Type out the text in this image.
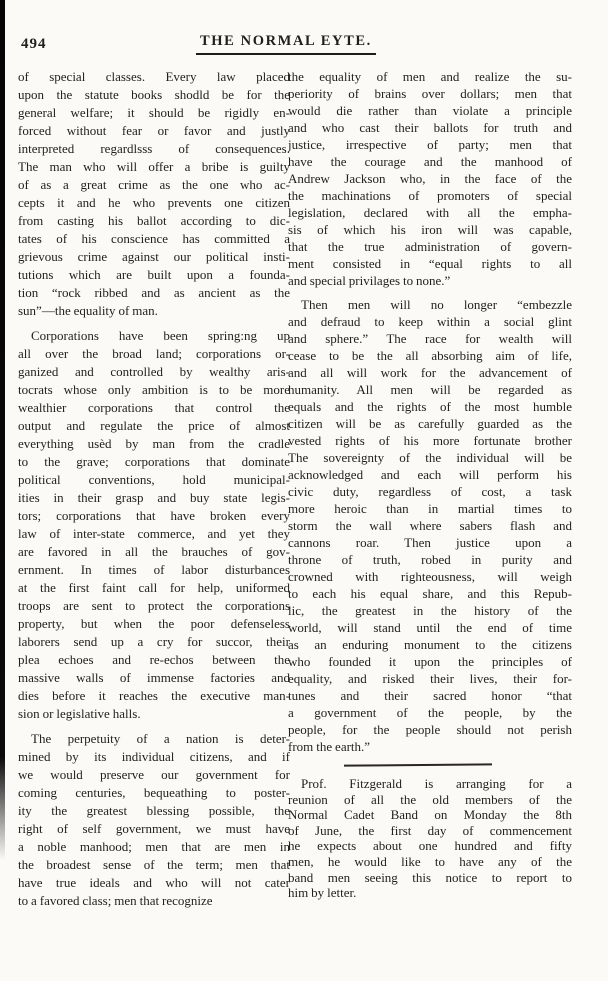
494	THE NORMAL EYTE.
of special classes. Every law placed
upon the statute books shodld be for the
general welfare; it should be rigidly en-
forced without fear or favor and justly
interpreted regardlsss of consequences.
The man who will offer a bribe is guilty
of as a great crime as the one who ac-
cepts it and he who prevents one citizen
from casting his ballot according to dic-
tates of his conscience has committed a
grievous crime against our political insti-
tutions which are built upon a founda-
tion “rock ribbed and as ancient as the
sun”—the equality of man.
Corporations have been spring:ng up
all over the broad land; corporations or-
ganized and controlled by wealthy aris-
tocrats whose only ambition is to be more
wealthier corporations that control the
output and regulate the price of almost
everything usèd by man from the cradle
to the grave; corporations that dominate
political conventions, hold municipal-
ities in their grasp and buy state legis-
tors; corporations that have broken every
law of inter-state commerce, and yet they
are favored in all the brauches of gov-
ernment. In times of labor disturbances
at the first faint call for help, uniformed
troops are sent to protect the corporations
property, but when the poor defenseless
laborers send up a cry for succor, their
plea echoes and re-echos between the
massive walls of immense factories and
dies before it reaches the executive man-
sion or legislative halls.
The perpetuity of a nation is deter-
mined by its individual citizens, and if
we would preserve our government for
coming centuries, bequeathing to poster-
ity the greatest blessing possible, the
right of self government, we must have
a noble manhood; men that are men in
the broadest sense of the term; men that
have true ideals and who will not cater
to a favored class; men that recognize
the equality of men and realize the su-
periority of brains over dollars; men that
would die rather than violate a principle
and who cast their ballots for truth and
justice, irrespective of party; men that
have the courage and the manhood of
Andrew Jackson who, in the face of the
the machinations of promoters of special
legislation, declared with all the empha-
sis of which his iron will was capable,
that the true administration of govern-
ment consisted in “equal rights to all
and special privilages to none.”
Then men will no longer “embezzle
and defraud to keep within a social glint
and sphere.” The race for wealth will
cease to be the all absorbing aim of life,
and all will work for the advancement of
humanity. All men will be regarded as
equals and the rights of the most humble
citizen will be as carefully guarded as the
vested rights of his more fortunate brother
The sovereignty of the individual will be
acknowledged and each will perform his
civic duty, regardless of cost, a task
more heroic than in martial times to
storm the wall where sabers flash and
cannons roar. Then justice upon a
throne of truth, robed in purity and
crowned with righteousness, will weigh
to each his equal share, and this Repub-
lic, the greatest in the history of the
world, will stand until the end of time
as an enduring monument to the citizens
who founded it upon the principles of
equality, and risked their lives, their for-
tunes and their sacred honor “that
a government of the people, by the
people, for the people should not perish
from the earth.”
Prof. Fitzgerald is arranging for a
reunion of all the old members of the
Normal Cadet Band on Monday the 8th
of June, the first day of commencement
he expects about one hundred and fifty
men, he would like to have any of the
band men seeing this notice to report to
him by letter.
